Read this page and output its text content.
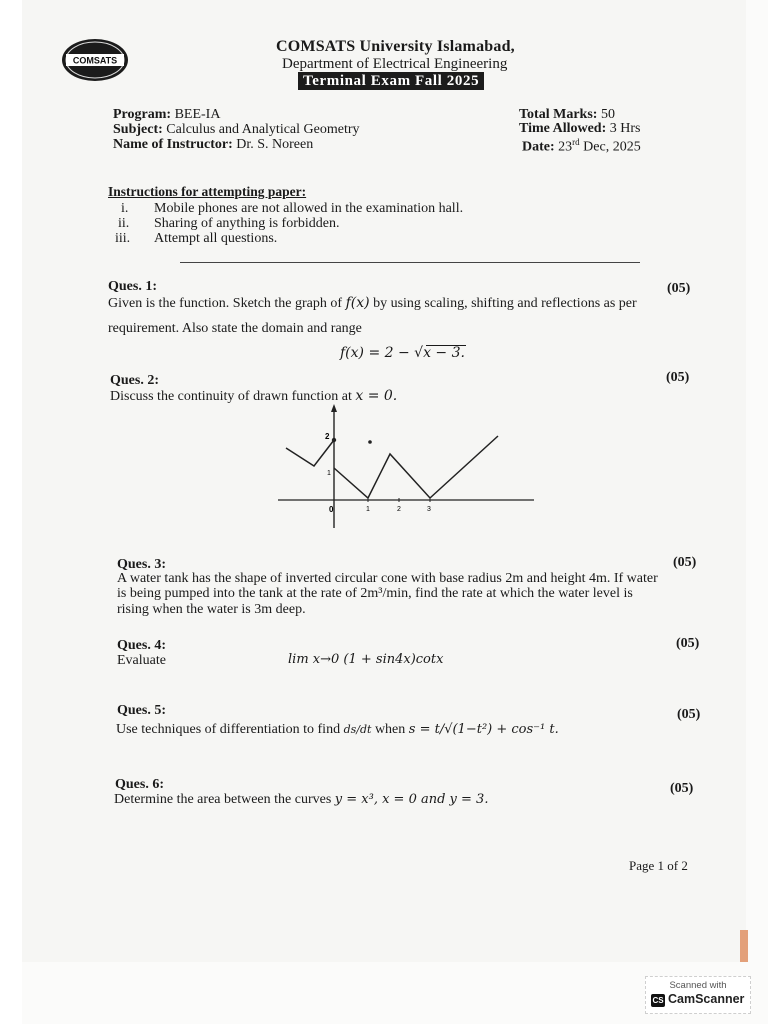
COMSATS
COMSATS University Islamabad,
Department of Electrical Engineering
Terminal Exam Fall 2025
Program: BEE-IA
Subject: Calculus and Analytical Geometry
Name of Instructor: Dr. S. Noreen
Total Marks: 50
Time Allowed: 3 Hrs
Date: 23rd Dec, 2025
Instructions for attempting paper:
i. Mobile phones are not allowed in the examination hall.
ii. Sharing of anything is forbidden.
iii. Attempt all questions.
Ques. 1:	(05)
Given is the function. Sketch the graph of f(x) by using scaling, shifting and reflections as per
requirement. Also state the domain and range
f(x) = 2 − √x − 3.
Ques. 2:	(05)
Discuss the continuity of drawn function at x = 0.
0	1	2	3
1
2
Ques. 3:	(05)
A water tank has the shape of inverted circular cone with base radius 2m and height 4m. If water
is being pumped into the tank at the rate of 2m³/min, find the rate at which the water level is
rising when the water is 3m deep.
Ques. 4:	(05)
Evaluate	lim x→0 (1 + sin4x)cotx
Ques. 5:	(05)
Use techniques of differentiation to find ds/dt when s = t/√(1−t²) + cos⁻¹ t.
Ques. 6:	(05)
Determine the area between the curves y = x³, x = 0 and y = 3.
Page 1 of 2
Scanned with
CS CamScanner
